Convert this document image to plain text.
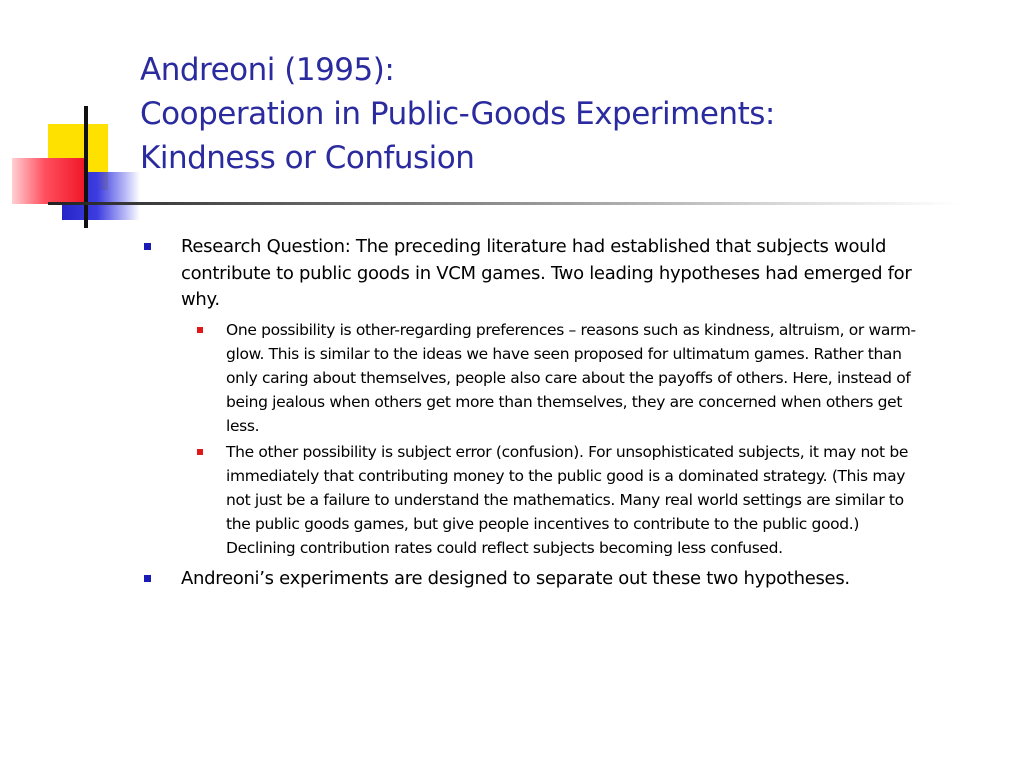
Andreoni (1995):
Cooperation in Public-Goods Experiments:
Kindness or Confusion
Research Question: The preceding literature had established that subjects would contribute to public goods in VCM games. Two leading hypotheses had emerged for why.
One possibility is other-regarding preferences – reasons such as kindness, altruism, or warm-glow. This is similar to the ideas we have seen proposed for ultimatum games. Rather than only caring about themselves, people also care about the payoffs of others. Here, instead of being jealous when others get more than themselves, they are concerned when others get less.
The other possibility is subject error (confusion). For unsophisticated subjects, it may not be immediately that contributing money to the public good is a dominated strategy. (This may not just be a failure to understand the mathematics. Many real world settings are similar to the public goods games, but give people incentives to contribute to the public good.) Declining contribution rates could reflect subjects becoming less confused.
Andreoni’s experiments are designed to separate out these two hypotheses.
